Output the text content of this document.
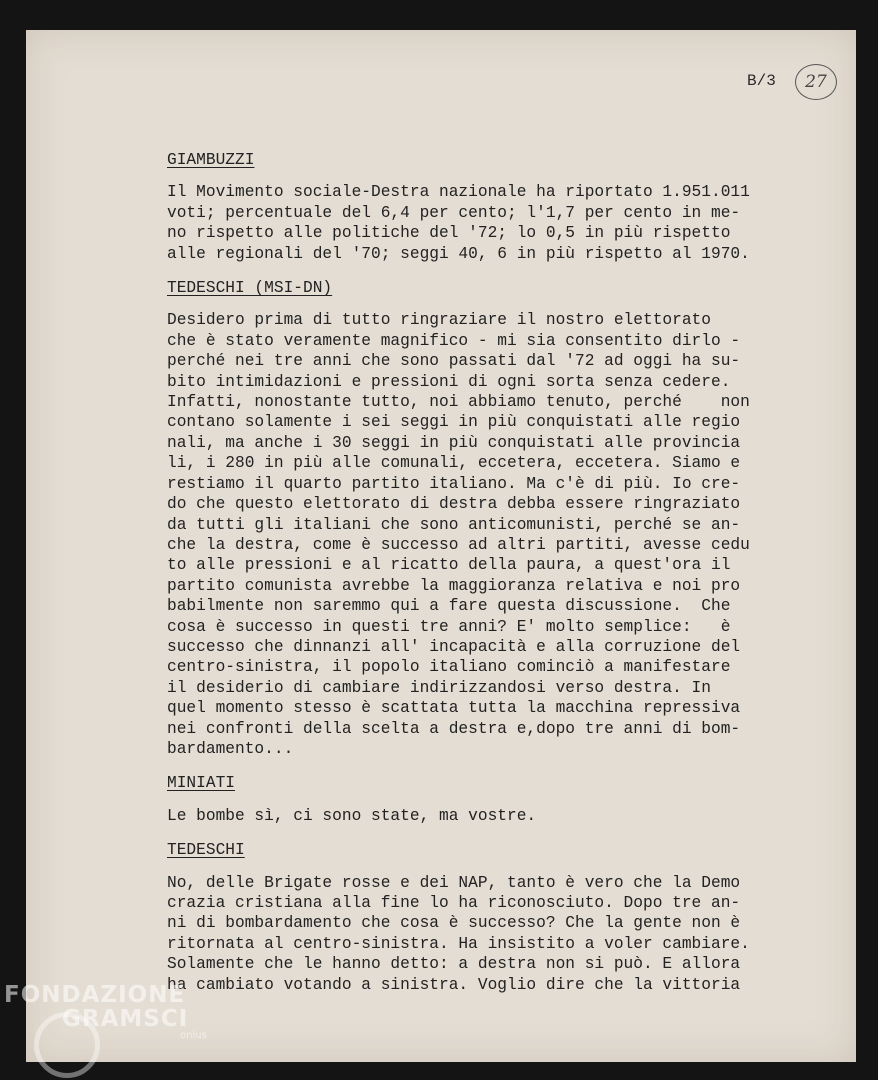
B/3	27
GIAMBUZZI
Il Movimento sociale-Destra nazionale ha riportato 1.951.011
voti; percentuale del 6,4 per cento; l'1,7 per cento in me-
no rispetto alle politiche del '72; lo 0,5 in più rispetto
alle regionali del '70; seggi 40, 6 in più rispetto al 1970.
TEDESCHI (MSI-DN)
Desidero prima di tutto ringraziare il nostro elettorato
che è stato veramente magnifico - mi sia consentito dirlo -
perché nei tre anni che sono passati dal '72 ad oggi ha su-
bito intimidazioni e pressioni di ogni sorta senza cedere.
Infatti, nonostante tutto, noi abbiamo tenuto, perché    non
contano solamente i sei seggi in più conquistati alle regio
nali, ma anche i 30 seggi in più conquistati alle provincia
li, i 280 in più alle comunali, eccetera, eccetera. Siamo e
restiamo il quarto partito italiano. Ma c'è di più. Io cre-
do che questo elettorato di destra debba essere ringraziato
da tutti gli italiani che sono anticomunisti, perché se an-
che la destra, come è successo ad altri partiti, avesse cedu
to alle pressioni e al ricatto della paura, a quest'ora il
partito comunista avrebbe la maggioranza relativa e noi pro
babilmente non saremmo qui a fare questa discussione.  Che
cosa è successo in questi tre anni? E' molto semplice:   è
successo che dinnanzi all' incapacità e alla corruzione del
centro-sinistra, il popolo italiano cominciò a manifestare
il desiderio di cambiare indirizzandosi verso destra. In
quel momento stesso è scattata tutta la macchina repressiva
nei confronti della scelta a destra e,dopo tre anni di bom-
bardamento...
MINIATI
Le bombe sì, ci sono state, ma vostre.
TEDESCHI
No, delle Brigate rosse e dei NAP, tanto è vero che la Demo
crazia cristiana alla fine lo ha riconosciuto. Dopo tre an-
ni di bombardamento che cosa è successo? Che la gente non è
ritornata al centro-sinistra. Ha insistito a voler cambiare.
Solamente che le hanno detto: a destra non si può. E allora
ha cambiato votando a sinistra. Voglio dire che la vittoria
FONDAZIONE
GRAMSCI
onlus
